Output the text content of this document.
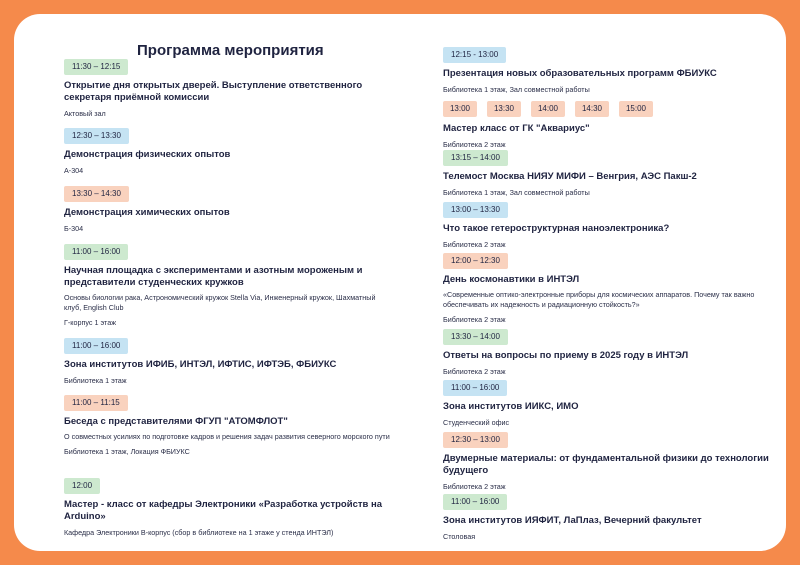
Программа мероприятия
11:30 – 12:15
Открытие дня открытых дверей. Выступление ответственного секретаря приёмной комиссии
Актовый зал
12:30 – 13:30
Демонстрация физических опытов
А-304
13:30 – 14:30
Демонстрация химических опытов
Б-304
11:00 – 16:00
Научная площадка с экспериментами и азотным мороженым и представители студенческих кружков
Основы биологии рака, Астрономический кружок Stella Via, Инженерный кружок, Шахматный клуб, English Club
Г-корпус 1 этаж
11:00 – 16:00
Зона институтов ИФИБ, ИНТЭЛ, ИФТИС, ИФТЭБ, ФБИУКС
Библиотека 1 этаж
11:00 – 11:15
Беседа с представителями ФГУП "АТОМФЛОТ"
О совместных усилиях по подготовке кадров и решения задач развития северного морского пути
Библиотека 1 этаж, Локация ФБИУКС
12:00
Мастер - класс от кафедры Электроники «Разработка устройств на Arduino»
Кафедра Электроники В-корпус (сбор в библиотеке на 1 этаже у стенда ИНТЭЛ)
12:15 - 13:00
Презентация новых образовательных программ ФБИУКС
Библиотека 1 этаж, Зал совместной работы
13:00	13:30	14:00	14:30	15:00
Мастер класс от ГК "Аквариус"
Библиотека 2 этаж
13:15 – 14:00
Телемост Москва НИЯУ МИФИ – Венгрия, АЭС Пакш-2
Библиотека 1 этаж, Зал совместной работы
13:00 – 13:30
Что такое гетероструктурная наноэлектроника?
Библиотека 2 этаж
12:00 – 12:30
День космонавтики в ИНТЭЛ
«Современные оптико-электронные приборы для космических аппаратов. Почему так важно обеспечивать их надежность и радиационную стойкость?»
Библиотека 2 этаж
13:30 – 14:00
Ответы на вопросы по приему в 2025 году в ИНТЭЛ
Библиотека 2 этаж
11:00 – 16:00
Зона институтов ИИКС, ИМО
Студенческий офис
12:30 – 13:00
Двумерные материалы: от фундаментальной физики до технологии будущего
Библиотека 2 этаж
11:00 – 16:00
Зона институтов ИЯФИТ, ЛаПлаз, Вечерний факультет
Столовая
